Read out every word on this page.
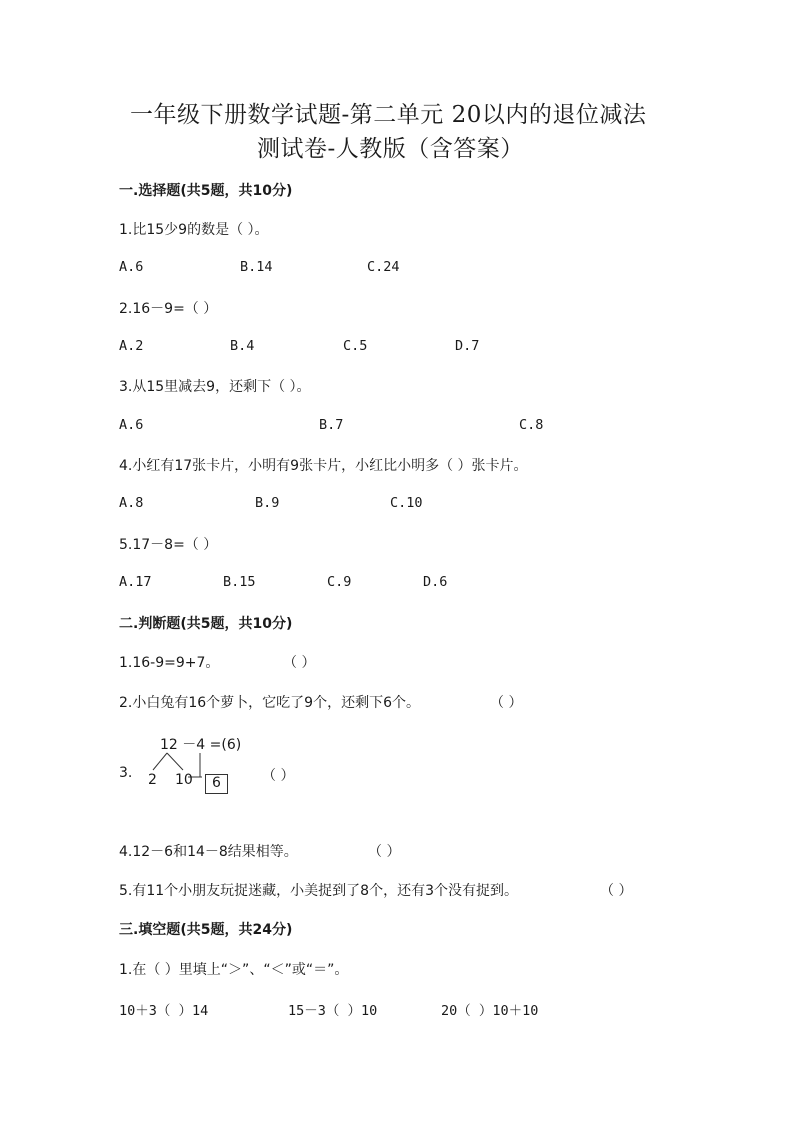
一年级下册数学试题-第二单元 20以内的退位减法
测试卷-人教版（含答案）
一.选择题(共5题，共10分)
1.比15少9的数是（ ）。
A.6	B.14	C.24
2.16－9=（ ）
A.2	B.4	C.5	D.7
3.从15里减去9，还剩下（ ）。
A.6	B.7	C.8
4.小红有17张卡片，小明有9张卡片，小红比小明多（ ）张卡片。
A.8	B.9	C.10
5.17－8=（ ）
A.17	B.15	C.9	D.6
二.判断题(共5题，共10分)
1.16-9=9+7。	（ ）
2.小白兔有16个萝卜，它吃了9个，还剩下6个。	（ ）
3.
12 －4 =(6)
2 10 6	（ ）
4.12－6和14－8结果相等。	（ ）
5.有11个小朋友玩捉迷藏，小美捉到了8个，还有3个没有捉到。	（ ）
三.填空题(共5题，共24分)
1.在（ ）里填上“＞”、“＜”或“＝”。
10＋3（ ）14	15－3（ ）10	20（ ）10＋10
